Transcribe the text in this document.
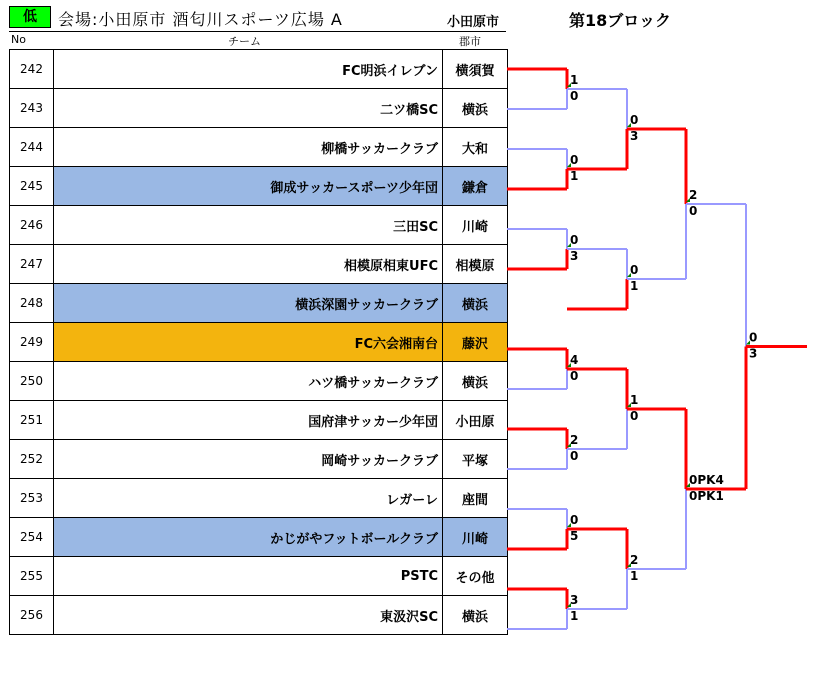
低	会場:小田原市 酒匂川スポーツ広場 A	小田原市	第18ブロック
No	チーム	郡市
242	FC明浜イレブン	横須賀
243	二ツ橋SC	横浜
244	柳橋サッカークラブ	大和
245	御成サッカースポーツ少年団	鎌倉
246	三田SC	川崎
247	相模原相東UFC	相模原
248	横浜深園サッカークラブ	横浜
249	FC六会湘南台	藤沢
250	ハツ橋サッカークラブ	横浜
251	国府津サッカー少年団	小田原
252	岡崎サッカークラブ	平塚
253	レガーレ	座間
254	かじがやフットボールクラブ	川崎
255	PSTC	その他
256	東汲沢SC	横浜
1
0
0
1
0
3
4
0
2
0
0
5
3
1
0
3
0
1
1
0
2
1
2
0
0PK4
0PK1
0
3
